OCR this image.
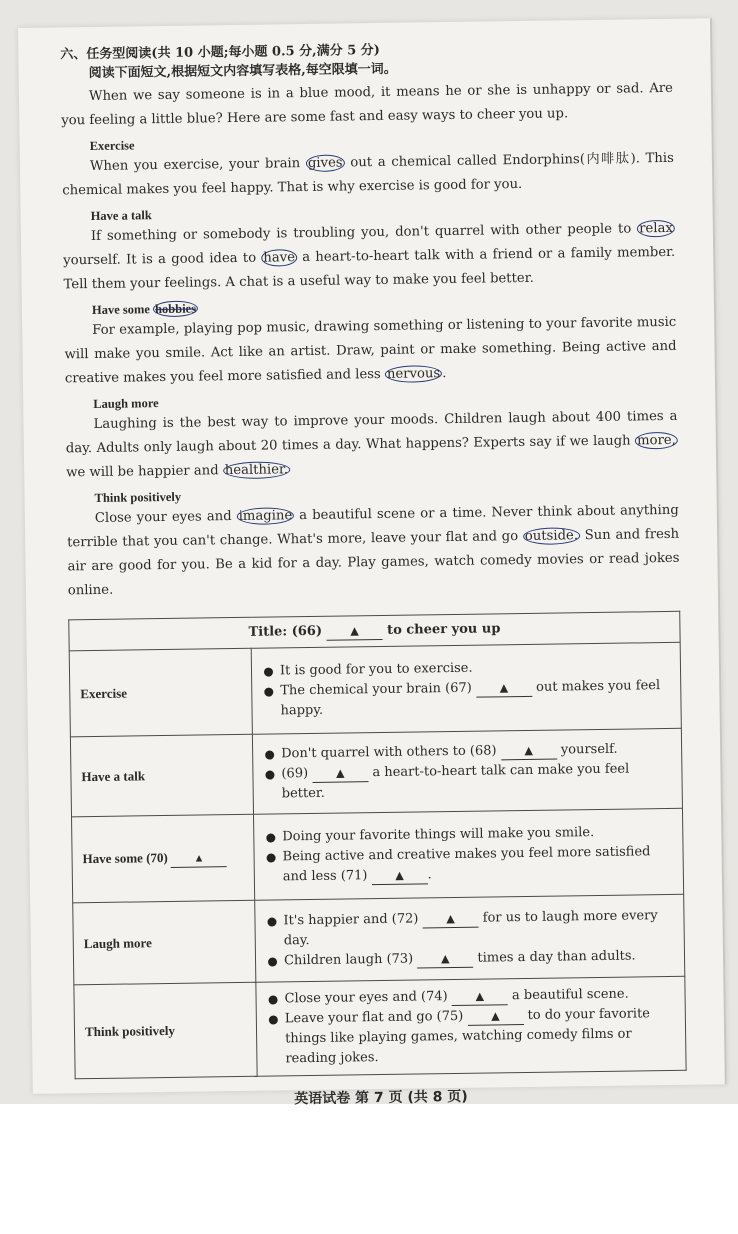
六、任务型阅读(共 10 小题;每小题 0.5 分,满分 5 分)

阅读下面短文,根据短文内容填写表格,每空限填一词。

When we say someone is in a blue mood, it means he or she is unhappy or sad. Are you feeling a little blue? Here are some fast and easy ways to cheer you up.

Exercise

When you exercise, your brain gives out a chemical called Endorphins(内啡肽). This chemical makes you feel happy. That is why exercise is good for you.

Have a talk

If something or somebody is troubling you, don't quarrel with other people to relax yourself. It is a good idea to have a heart-to-heart talk with a friend or a family member. Tell them your feelings. A chat is a useful way to make you feel better.

Have some hobbies

For example, playing pop music, drawing something or listening to your favorite music will make you smile. Act like an artist. Draw, paint or make something. Being active and creative makes you feel more satisfied and less nervous .

Laugh more

Laughing is the best way to improve your moods. Children laugh about 400 times a day. Adults only laugh about 20 times a day. What happens? Experts say if we laugh more, we will be happier and healthier.

Think positively

Close your eyes and imagine a beautiful scene or a time. Never think about anything terrible that you can't change. What's more, leave your flat and go outside. Sun and fresh air are good for you. Be a kid for a day. Play games, watch comedy movies or read jokes online.

Title: (66) ▲ to cheer you up	
Exercise	It is good for you to exercise.

The chemical your brain (67) ▲ out makes you feel happy.

Have a talk	Don't quarrel with others to (68) ▲ yourself.

(69) ▲ a heart-to-heart talk can make you feel better.

Have some (70) ▲	Doing your favorite things will make you smile.

Being active and creative makes you feel more satisfied and less (71) ▲ .

Laugh more	It's happier and (72) ▲ for us to laugh more every day.

Children laugh (73) ▲ times a day than adults.

Think positively	Close your eyes and (74) ▲ a beautiful scene.

Leave your flat and go (75) ▲ to do your favorite things like playing games, watching comedy films or reading jokes.

英语试卷 第 7 页 (共 8 页)
